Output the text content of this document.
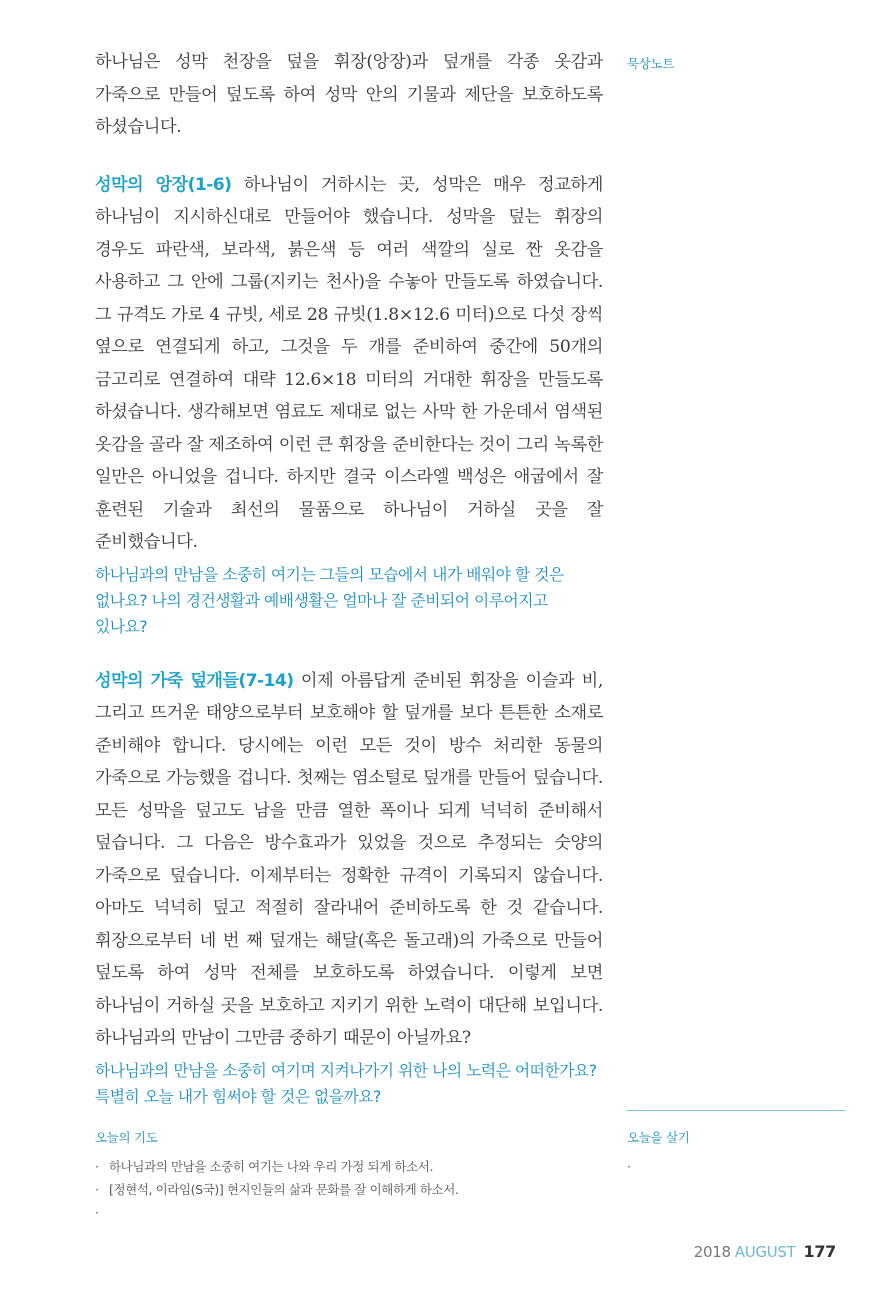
하나님은 성막 천장을 덮을 휘장(앙장)과 덮개를 각종 옷감과 가죽으로 만들어 덮도록 하여 성막 안의 기물과 제단을 보호하도록 하셨습니다.

성막의 앙장(1-6) 하나님이 거하시는 곳, 성막은 매우 정교하게 하나님이 지시하신대로 만들어야 했습니다. 성막을 덮는 휘장의 경우도 파란색, 보라색, 붉은색 등 여러 색깔의 실로 짠 옷감을 사용하고 그 안에 그룹(지키는 천사)을 수놓아 만들도록 하였습니다. 그 규격도 가로 4 규빗, 세로 28 규빗(1.8×12.6 미터)으로 다섯 장씩 옆으로 연결되게 하고, 그것을 두 개를 준비하여 중간에 50개의 금고리로 연결하여 대략 12.6×18 미터의 거대한 휘장을 만들도록 하셨습니다. 생각해보면 염료도 제대로 없는 사막 한 가운데서 염색된 옷감을 골라 잘 제조하여 이런 큰 휘장을 준비한다는 것이 그리 녹록한 일만은 아니었을 겁니다. 하지만 결국 이스라엘 백성은 애굽에서 잘 훈련된 기술과 최선의 물품으로 하나님이 거하실 곳을 잘 준비했습니다.

하나님과의 만남을 소중히 여기는 그들의 모습에서 내가 배워야 할 것은 없나요? 나의 경건생활과 예배생활은 얼마나 잘 준비되어 이루어지고 있나요?

성막의 가죽 덮개들(7-14) 이제 아름답게 준비된 휘장을 이슬과 비, 그리고 뜨거운 태양으로부터 보호해야 할 덮개를 보다 튼튼한 소재로 준비해야 합니다. 당시에는 이런 모든 것이 방수 처리한 동물의 가죽으로 가능했을 겁니다. 첫째는 염소털로 덮개를 만들어 덮습니다. 모든 성막을 덮고도 남을 만큼 열한 폭이나 되게 넉넉히 준비해서 덮습니다. 그 다음은 방수효과가 있었을 것으로 추정되는 숫양의 가죽으로 덮습니다. 이제부터는 정확한 규격이 기록되지 않습니다. 아마도 넉넉히 덮고 적절히 잘라내어 준비하도록 한 것 같습니다. 휘장으로부터 네 번 째 덮개는 해달(혹은 돌고래)의 가죽으로 만들어 덮도록 하여 성막 전체를 보호하도록 하였습니다. 이렇게 보면 하나님이 거하실 곳을 보호하고 지키기 위한 노력이 대단해 보입니다. 하나님과의 만남이 그만큼 중하기 때문이 아닐까요?

하나님과의 만남을 소중히 여기며 지켜나가기 위한 나의 노력은 어떠한가요? 특별히 오늘 내가 힘써야 할 것은 없을까요?

묵상노트

오늘의 기도

· 하나님과의 만남을 소중히 여기는 나와 우리 가정 되게 하소서.
· [정현석, 이라임(S국)] 현지인들의 삶과 문화를 잘 이해하게 하소서.
·

오늘을 살기

·
2018 AUGUST 177
